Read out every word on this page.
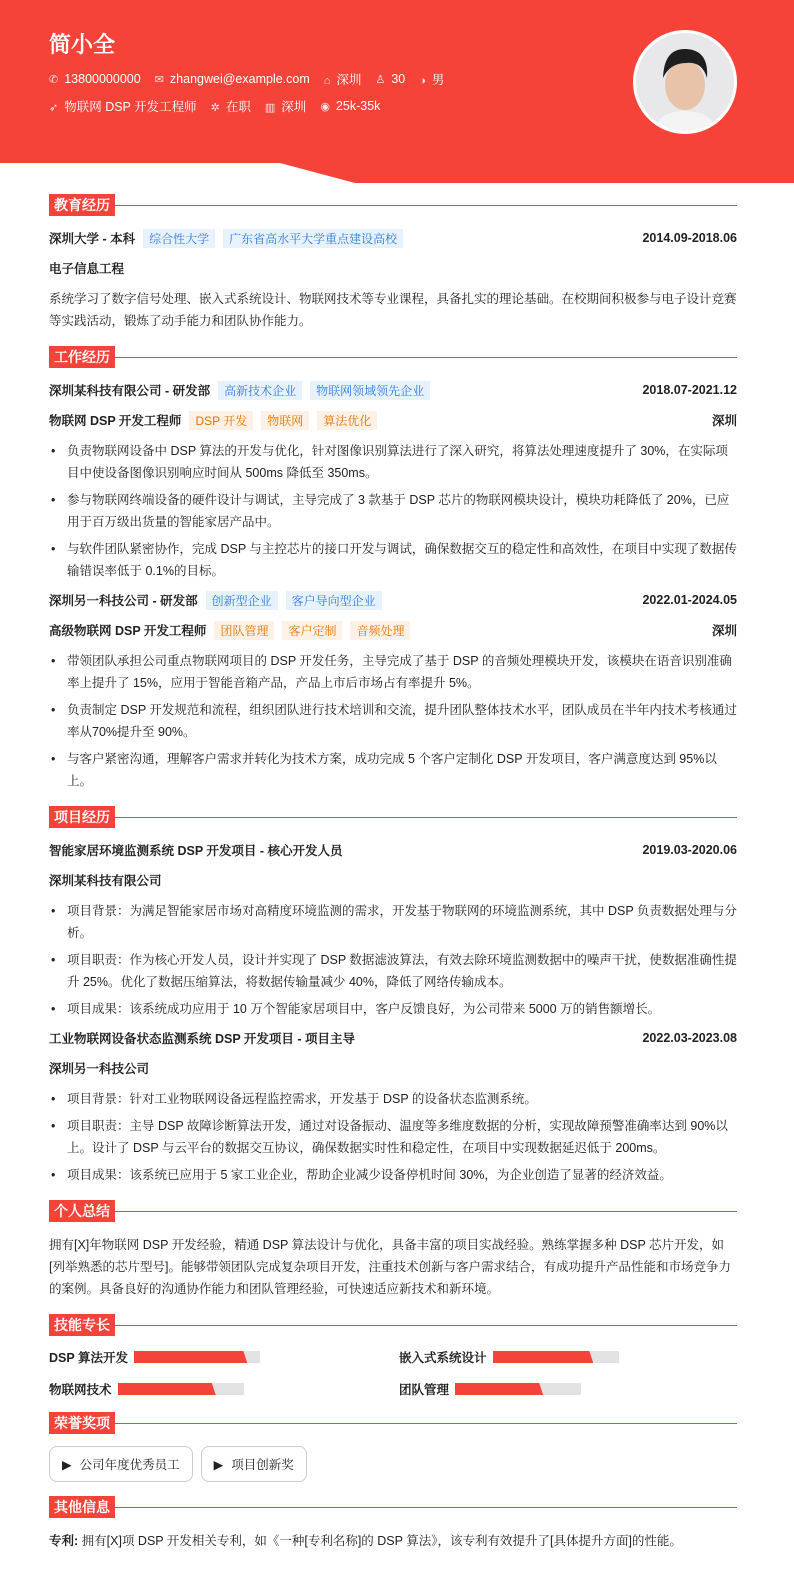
简小全
✆ 13800000000 ✉ zhangwei@example.com ⌂ 深圳 ♙ 30 ◑ 男
➶ 物联网 DSP 开发工程师 ✲ 在职 ▥ 深圳 ◉ 25k-35k
教育经历
深圳大学 - 本科	综合性大学	广东省高水平大学重点建设高校	2014.09-2018.06
电子信息工程

系统学习了数字信号处理、嵌入式系统设计、物联网技术等专业课程，具备扎实的理论基础。在校期间积极参与电子设计竞赛等实践活动，锻炼了动手能力和团队协作能力。

工作经历
深圳某科技有限公司 - 研发部	高新技术企业	物联网领域领先企业	2018.07-2021.12
物联网 DSP 开发工程师	DSP 开发	物联网	算法优化	深圳
• 负责物联网设备中 DSP 算法的开发与优化，针对图像识别算法进行了深入研究，将算法处理速度提升了 30%，在实际项目中使设备图像识别响应时间从 500ms 降低至 350ms。
• 参与物联网终端设备的硬件设计与调试，主导完成了 3 款基于 DSP 芯片的物联网模块设计，模块功耗降低了 20%，已应用于百万级出货量的智能家居产品中。
• 与软件团队紧密协作，完成 DSP 与主控芯片的接口开发与调试，确保数据交互的稳定性和高效性，在项目中实现了数据传输错误率低于 0.1%的目标。
深圳另一科技公司 - 研发部	创新型企业	客户导向型企业	2022.01-2024.05
高级物联网 DSP 开发工程师	团队管理	客户定制	音频处理	深圳
• 带领团队承担公司重点物联网项目的 DSP 开发任务，主导完成了基于 DSP 的音频处理模块开发，该模块在语音识别准确率上提升了 15%，应用于智能音箱产品，产品上市后市场占有率提升 5%。
• 负责制定 DSP 开发规范和流程，组织团队进行技术培训和交流，提升团队整体技术水平，团队成员在半年内技术考核通过率从70%提升至 90%。
• 与客户紧密沟通，理解客户需求并转化为技术方案，成功完成 5 个客户定制化 DSP 开发项目，客户满意度达到 95%以上。
项目经历
智能家居环境监测系统 DSP 开发项目 - 核心开发人员	2019.03-2020.06
深圳某科技有限公司
• 项目背景：为满足智能家居市场对高精度环境监测的需求，开发基于物联网的环境监测系统，其中 DSP 负责数据处理与分析。
• 项目职责：作为核心开发人员，设计并实现了 DSP 数据滤波算法，有效去除环境监测数据中的噪声干扰，使数据准确性提升 25%。优化了数据压缩算法，将数据传输量减少 40%，降低了网络传输成本。
• 项目成果：该系统成功应用于 10 万个智能家居项目中，客户反馈良好，为公司带来 5000 万的销售额增长。
工业物联网设备状态监测系统 DSP 开发项目 - 项目主导	2022.03-2023.08
深圳另一科技公司
• 项目背景：针对工业物联网设备远程监控需求，开发基于 DSP 的设备状态监测系统。
• 项目职责：主导 DSP 故障诊断算法开发，通过对设备振动、温度等多维度数据的分析，实现故障预警准确率达到 90%以上。设计了 DSP 与云平台的数据交互协议，确保数据实时性和稳定性，在项目中实现数据延迟低于 200ms。
• 项目成果：该系统已应用于 5 家工业企业，帮助企业减少设备停机时间 30%，为企业创造了显著的经济效益。
个人总结

拥有[X]年物联网 DSP 开发经验，精通 DSP 算法设计与优化，具备丰富的项目实战经验。熟练掌握多种 DSP 芯片开发，如[列举熟悉的芯片型号]。能够带领团队完成复杂项目开发，注重技术创新与客户需求结合，有成功提升产品性能和市场竞争力的案例。具备良好的沟通协作能力和团队管理经验，可快速适应新技术和新环境。

技能专长
DSP 算法开发	嵌入式系统设计
物联网技术	团队管理
荣誉奖项
▶ 公司年度优秀员工	▶ 项目创新奖
其他信息

专利: 拥有[X]项 DSP 开发相关专利，如《一种[专利名称]的 DSP 算法》，该专利有效提升了[具体提升方面]的性能。
